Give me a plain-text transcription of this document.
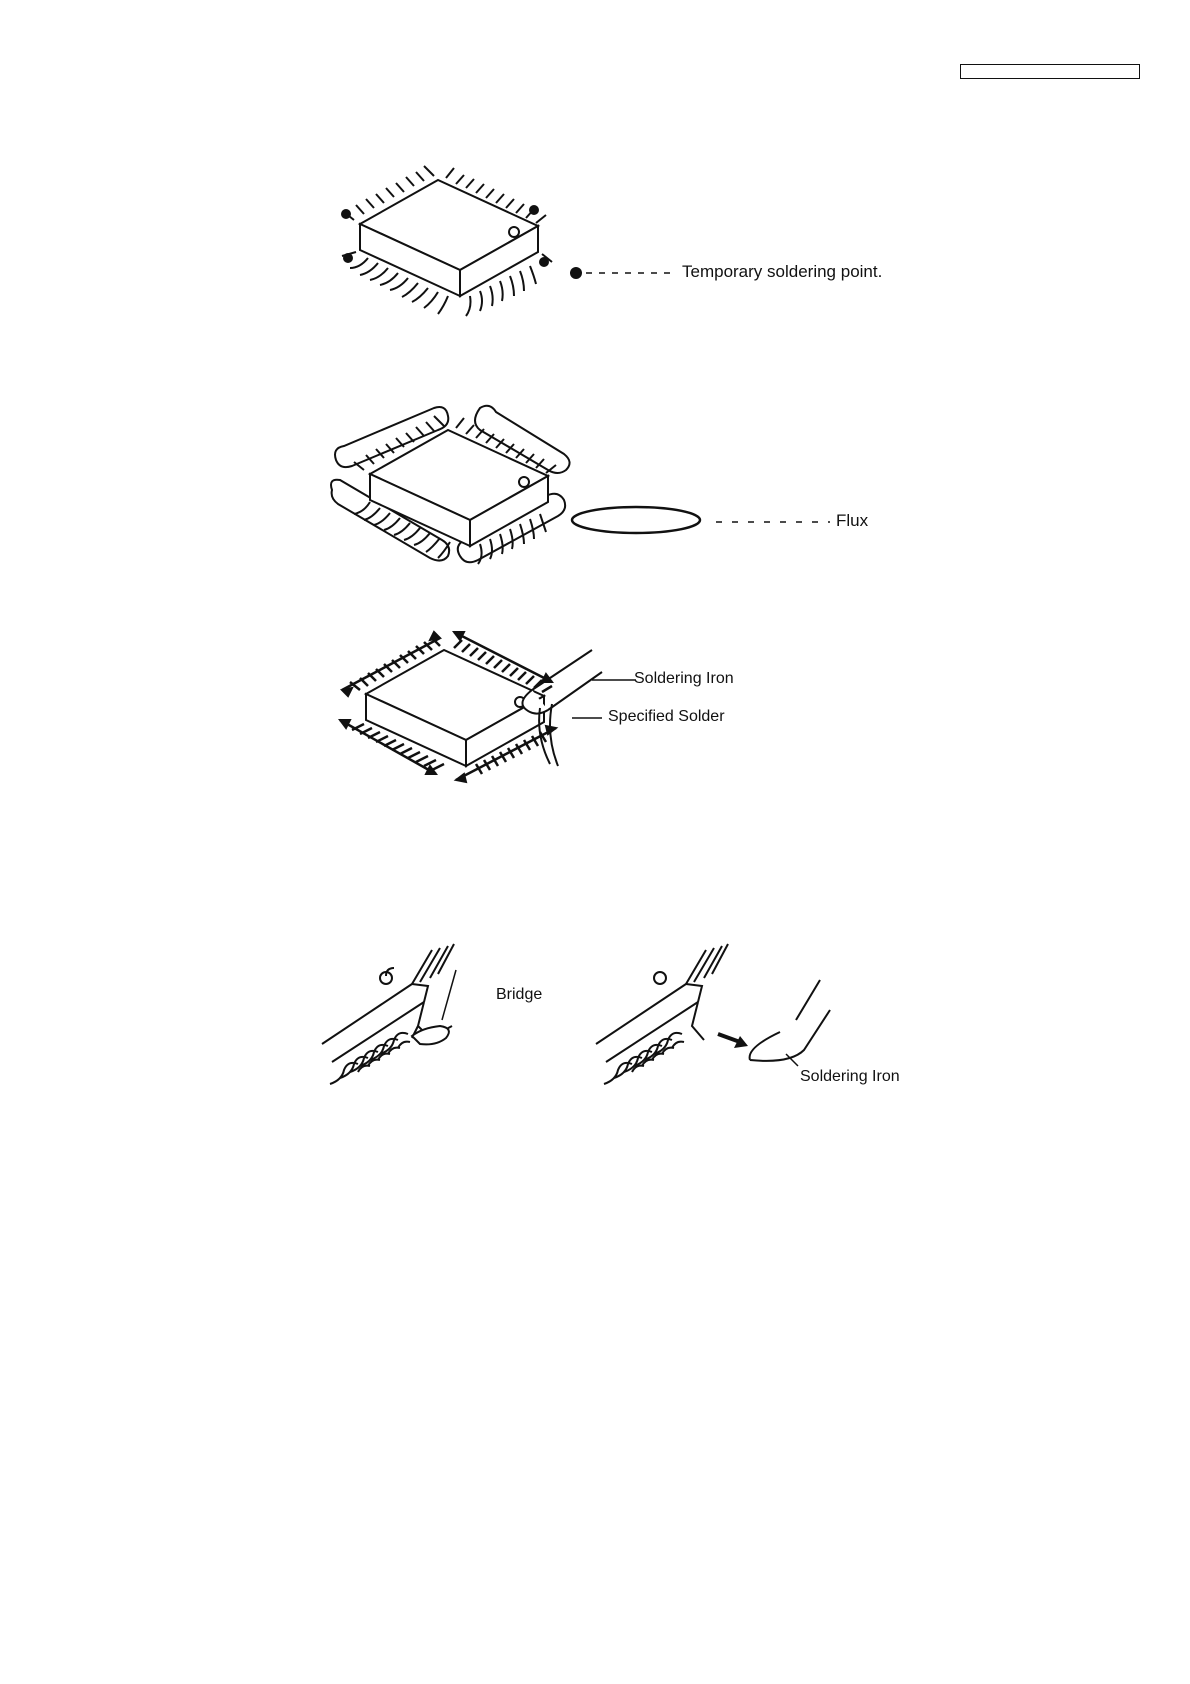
Temporary soldering point.
Flux
Soldering Iron
Specified Solder
Bridge
Soldering Iron
